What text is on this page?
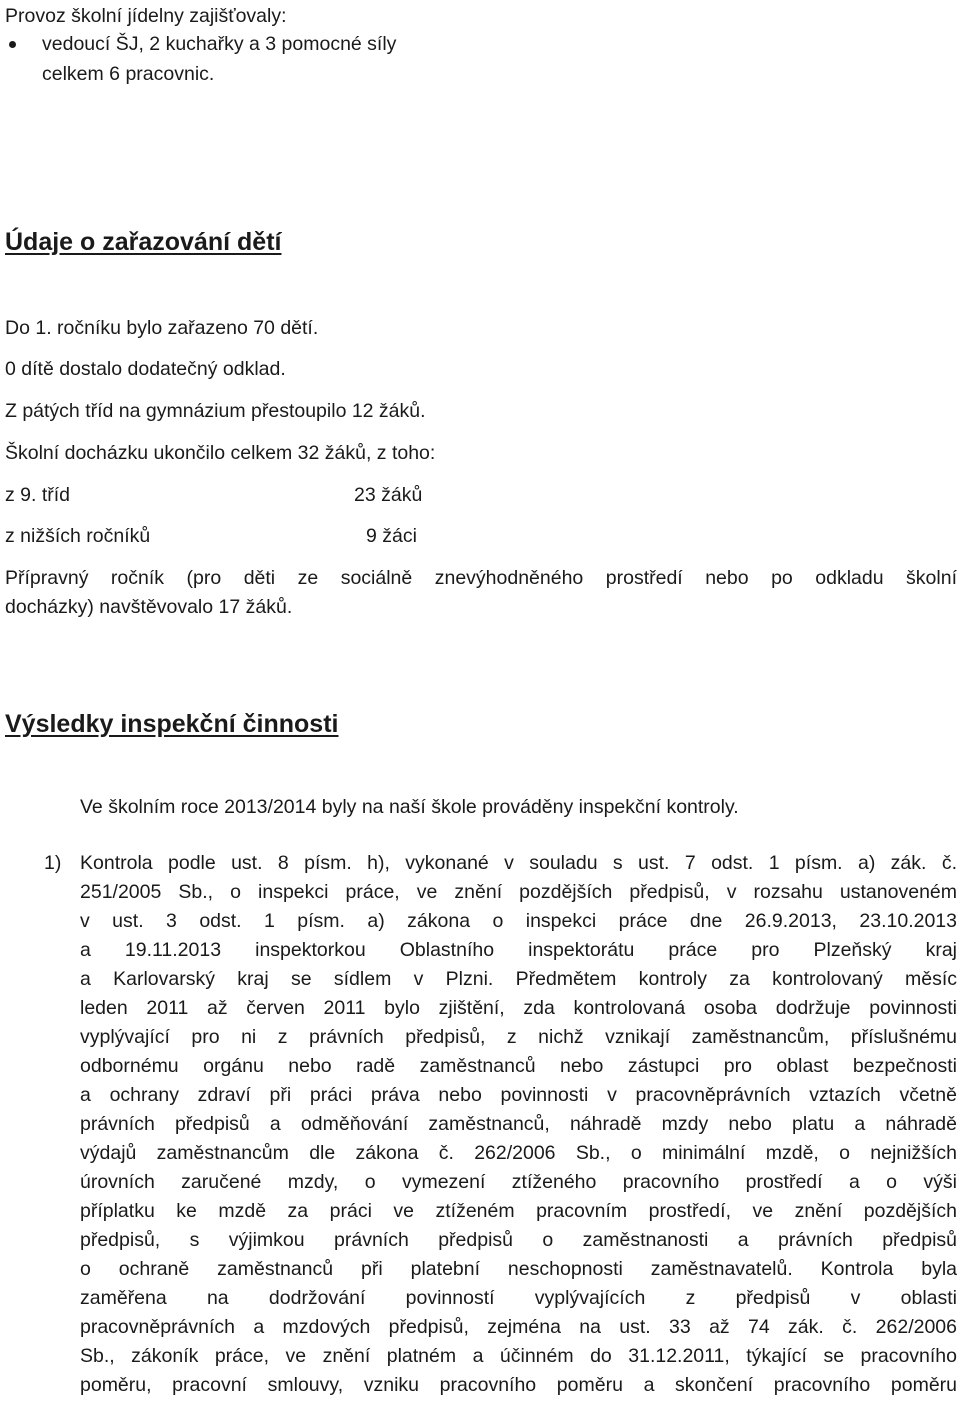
Provoz školní jídelny zajišťovaly:

vedoucí ŠJ, 2 kuchařky a 3 pomocné síly

celkem 6 pracovnic.

Údaje o zařazování dětí

Do 1. ročníku bylo zařazeno 70 dětí.

0 dítě dostalo dodatečný odklad.

Z pátých tříd na gymnázium přestoupilo 12 žáků.

Školní docházku ukončilo celkem 32 žáků, z toho:

z 9. tříd	23 žáků

z nižších ročníků	9 žáci

Přípravný ročník (pro děti ze sociálně znevýhodněného prostředí nebo po odkladu školní
docházky) navštěvovalo 17 žáků.
Výsledky inspekční činnosti

Ve školním roce 2013/2014 byly na naší škole prováděny inspekční kontroly.

1) Kontrola podle ust. 8 písm. h), vykonané v souladu s ust. 7 odst. 1 písm. a) zák. č.
251/2005 Sb., o inspekci práce, ve znění pozdějších předpisů, v rozsahu ustanoveném
v ust. 3 odst. 1 písm. a) zákona o inspekci práce dne 26.9.2013, 23.10.2013
a 19.11.2013 inspektorkou Oblastního inspektorátu práce pro Plzeňský kraj
a Karlovarský kraj se sídlem v Plzni. Předmětem kontroly za kontrolovaný měsíc
leden 2011 až červen 2011 bylo zjištění, zda kontrolovaná osoba dodržuje povinnosti
vyplývající pro ni z právních předpisů, z nichž vznikají zaměstnancům, příslušnému
odbornému orgánu nebo radě zaměstnanců nebo zástupci pro oblast bezpečnosti
a ochrany zdraví při práci práva nebo povinnosti v pracovněprávních vztazích včetně
právních předpisů a odměňování zaměstnanců, náhradě mzdy nebo platu a náhradě
výdajů zaměstnancům dle zákona č. 262/2006 Sb., o minimální mzdě, o nejnižších
úrovních zaručené mzdy, o vymezení ztíženého pracovního prostředí a o výši
příplatku ke mzdě za práci ve ztíženém pracovním prostředí, ve znění pozdějších
předpisů, s výjimkou právních předpisů o zaměstnanosti a právních předpisů
o ochraně zaměstnanců při platební neschopnosti zaměstnavatelů. Kontrola byla
zaměřena na dodržování povinností vyplývajících z předpisů v oblasti
pracovněprávních a mzdových předpisů, zejména na ust. 33 až 74 zák. č. 262/2006
Sb., zákoník práce, ve znění platném a účinném do 31.12.2011, týkající se pracovního
poměru, pracovní smlouvy, vzniku pracovního poměru a skončení pracovního poměru
